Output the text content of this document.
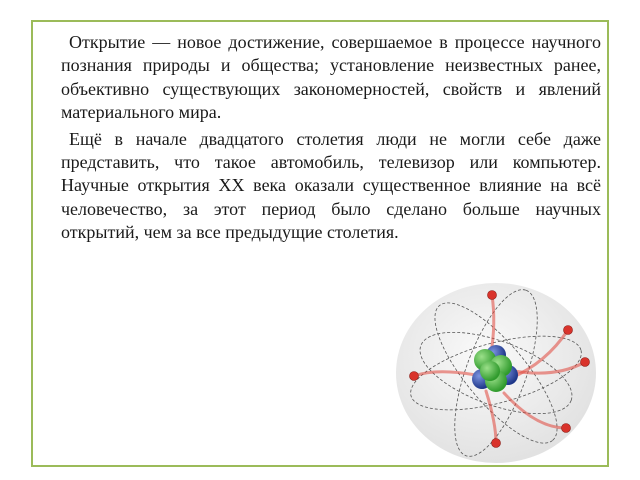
Открытие — новое достижение, совершаемое в процессе научного познания природы и общества; установление неизвестных ранее, объективно существующих закономерностей, свойств и явлений материального мира.

Ещё в начале двадцатого столетия люди не могли себе даже представить, что такое автомобиль, телевизор или компьютер. Научные открытия XX века оказали существенное влияние на всё человечество, за этот период было сделано больше научных открытий, чем за все предыдущие столетия.
